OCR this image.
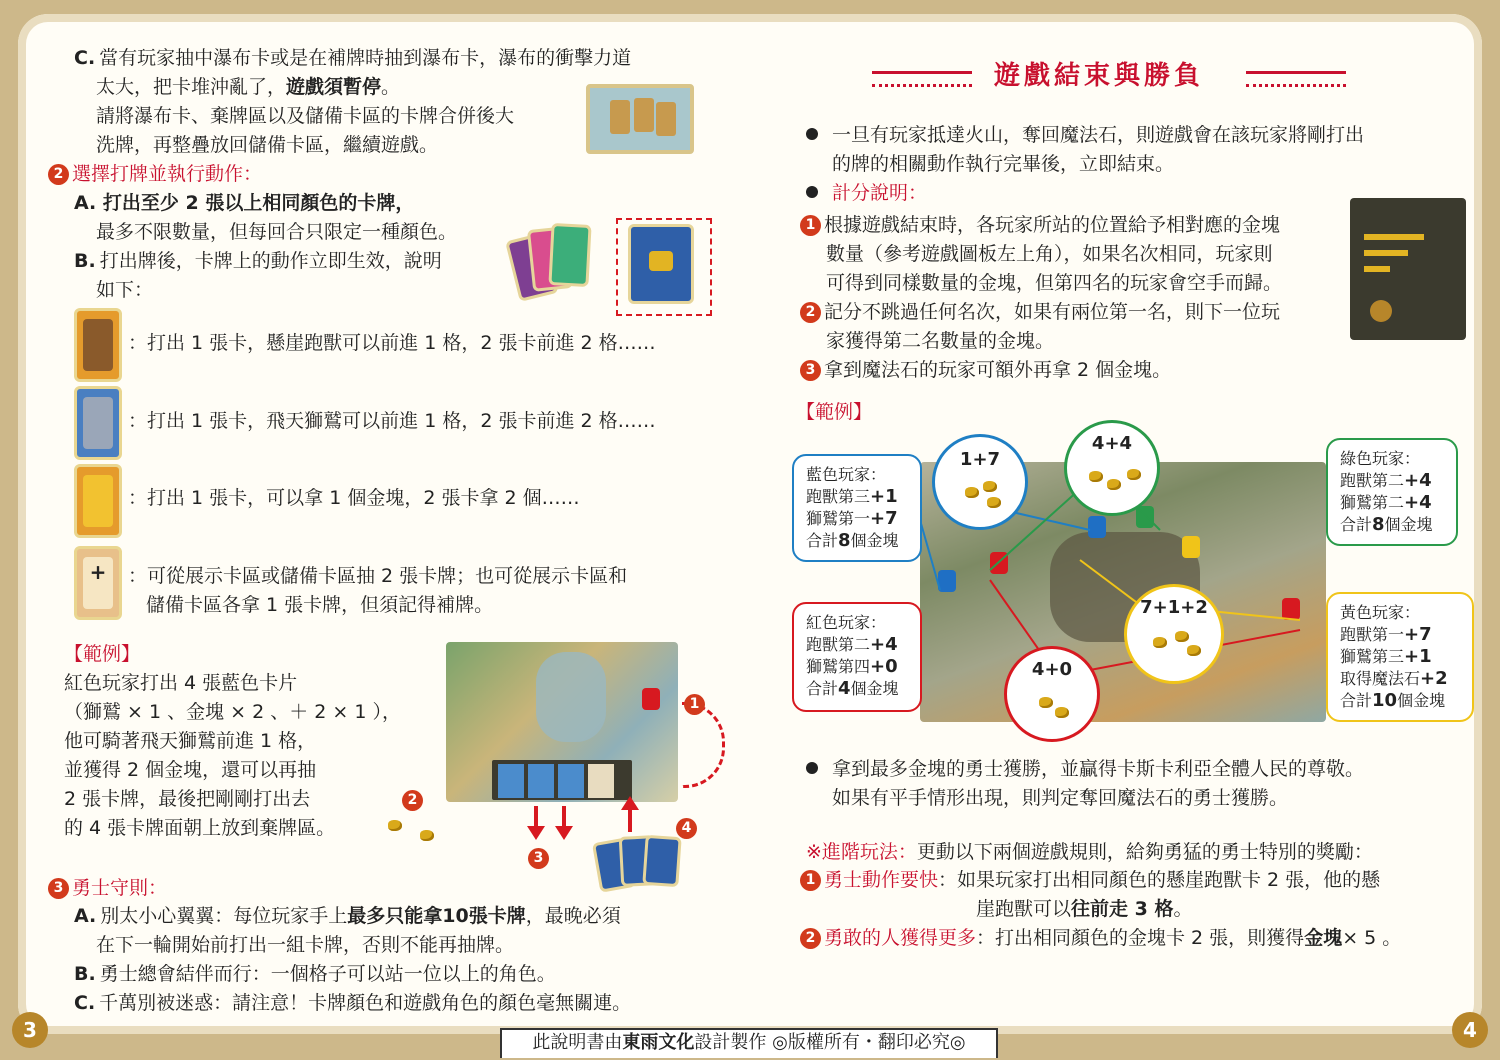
C. 當有玩家抽中瀑布卡或是在補牌時抽到瀑布卡，瀑布的衝擊力道
太大，把卡堆沖亂了，遊戲須暫停。
請將瀑布卡、棄牌區以及儲備卡區的卡牌合併後大
洗牌，再整疊放回儲備卡區，繼續遊戲。
2 選擇打牌並執行動作：
A. 打出至少 2 張以上相同顏色的卡牌，
最多不限數量，但每回合只限定一種顏色。
B. 打出牌後，卡牌上的動作立即生效，說明
如下：
：打出 1 張卡，懸崖跑獸可以前進 1 格，2 張卡前進 2 格……
：打出 1 張卡，飛天獅鷲可以前進 1 格，2 張卡前進 2 格……
：打出 1 張卡，可以拿 1 個金塊，2 張卡拿 2 個……
+	：可從展示卡區或儲備卡區抽 2 張卡牌；也可從展示卡區和
儲備卡區各拿 1 張卡牌，但須記得補牌。
【範例】
紅色玩家打出 4 張藍色卡片
（獅鷲 × 1 、金塊 × 2 、＋ 2 × 1 ），
他可騎著飛天獅鷲前進 1 格，
並獲得 2 個金塊，還可以再抽
2 張卡牌，最後把剛剛打出去
的 4 張卡牌面朝上放到棄牌區。
1
2
3
4
3 勇士守則：
A. 別太小心翼翼：每位玩家手上最多只能拿10張卡牌，最晚必須
在下一輪開始前打出一組卡牌，否則不能再抽牌。
B. 勇士總會結伴而行：一個格子可以站一位以上的角色。
C. 千萬別被迷惑：請注意！卡牌顏色和遊戲角色的顏色毫無關連。
3
遊戲結束與勝負
一旦有玩家抵達火山，奪回魔法石，則遊戲會在該玩家將剛打出
的牌的相關動作執行完畢後，立即結束。
計分說明：
1 根據遊戲結束時，各玩家所站的位置給予相對應的金塊
數量（參考遊戲圖板左上角），如果名次相同，玩家則
可得到同樣數量的金塊，但第四名的玩家會空手而歸。
2 記分不跳過任何名次，如果有兩位第一名，則下一位玩
家獲得第二名數量的金塊。
3 拿到魔法石的玩家可額外再拿 2 個金塊。
【範例】
藍色玩家：
跑獸第三+1
獅鷲第一+7
合計8個金塊
綠色玩家：
跑獸第二+4
獅鷲第二+4
合計8個金塊
紅色玩家：
跑獸第二+4
獅鷲第四+0
合計4個金塊
黃色玩家：
跑獸第一+7
獅鷲第三+1
取得魔法石+2
合計10個金塊
1+7
4+4
7+1+2
4+0
拿到最多金塊的勇士獲勝，並贏得卡斯卡利亞全體人民的尊敬。
如果有平手情形出現，則判定奪回魔法石的勇士獲勝。
※進階玩法：更動以下兩個遊戲規則，給夠勇猛的勇士特別的獎勵：
1 勇士動作要快：如果玩家打出相同顏色的懸崖跑獸卡 2 張，他的懸
崖跑獸可以往前走 3 格。
2 勇敢的人獲得更多：打出相同顏色的金塊卡 2 張，則獲得金塊× 5 。
4
此說明書由東雨文化設計製作 ◎版權所有・翻印必究◎
